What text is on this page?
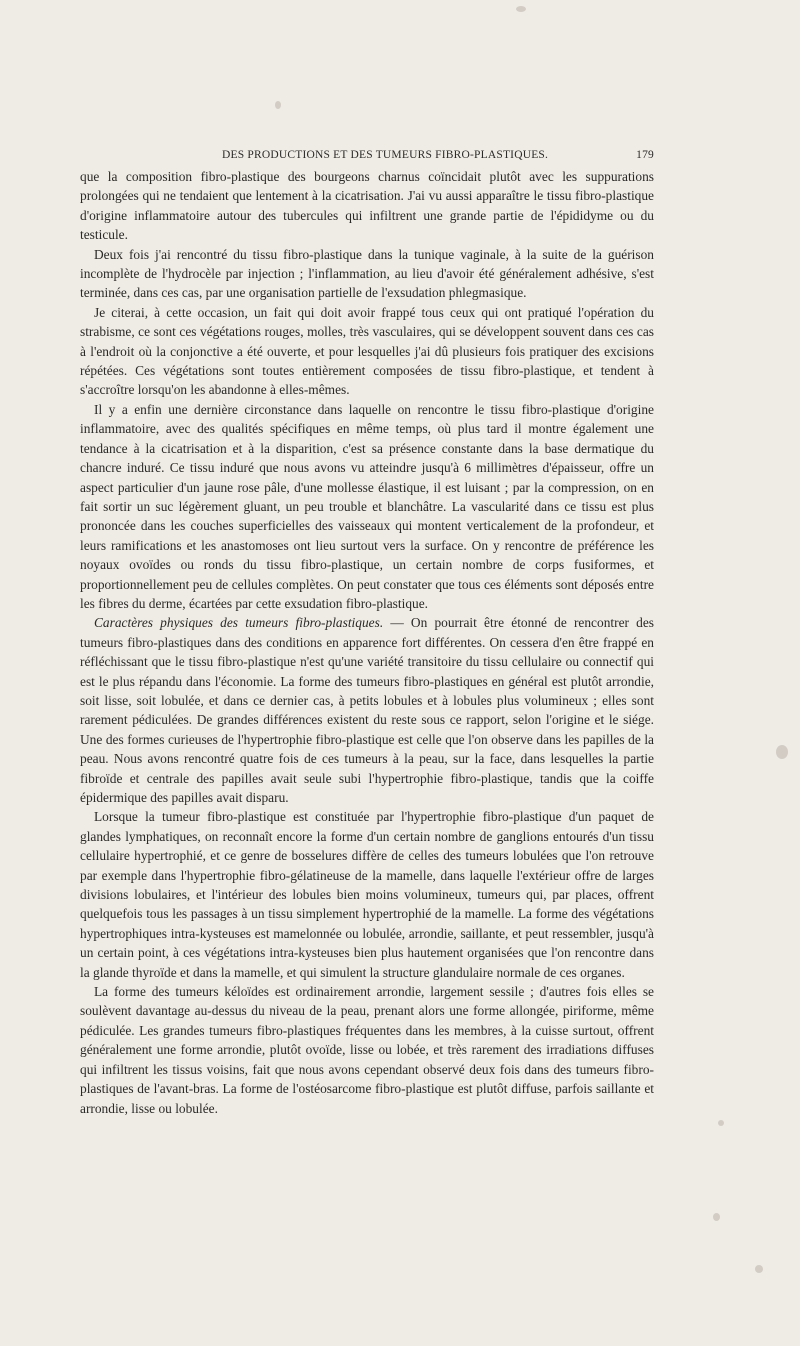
DES PRODUCTIONS ET DES TUMEURS FIBRO-PLASTIQUES.	179

que la composition fibro-plastique des bourgeons charnus coïncidait plutôt avec les suppurations prolongées qui ne tendaient que lentement à la cicatrisation. J'ai vu aussi apparaître le tissu fibro-plastique d'origine inflammatoire autour des tubercules qui infiltrent une grande partie de l'épididyme ou du testicule.

Deux fois j'ai rencontré du tissu fibro-plastique dans la tunique vaginale, à la suite de la guérison incomplète de l'hydrocèle par injection ; l'inflammation, au lieu d'avoir été généralement adhésive, s'est terminée, dans ces cas, par une organisation partielle de l'exsudation phlegmasique.

Je citerai, à cette occasion, un fait qui doit avoir frappé tous ceux qui ont pratiqué l'opération du strabisme, ce sont ces végétations rouges, molles, très vasculaires, qui se développent souvent dans ces cas à l'endroit où la conjonctive a été ouverte, et pour lesquelles j'ai dû plusieurs fois pratiquer des excisions répétées. Ces végétations sont toutes entièrement composées de tissu fibro-plastique, et tendent à s'accroître lorsqu'on les abandonne à elles-mêmes.

Il y a enfin une dernière circonstance dans laquelle on rencontre le tissu fibro-plastique d'origine inflammatoire, avec des qualités spécifiques en même temps, où plus tard il montre également une tendance à la cicatrisation et à la disparition, c'est sa présence constante dans la base dermatique du chancre induré. Ce tissu induré que nous avons vu atteindre jusqu'à 6 millimètres d'épaisseur, offre un aspect particulier d'un jaune rose pâle, d'une mollesse élastique, il est luisant ; par la compression, on en fait sortir un suc légèrement gluant, un peu trouble et blanchâtre. La vascularité dans ce tissu est plus prononcée dans les couches superficielles des vaisseaux qui montent verticalement de la profondeur, et leurs ramifications et les anastomoses ont lieu surtout vers la surface. On y rencontre de préférence les noyaux ovoïdes ou ronds du tissu fibro-plastique, un certain nombre de corps fusiformes, et proportionnellement peu de cellules complètes. On peut constater que tous ces éléments sont déposés entre les fibres du derme, écartées par cette exsudation fibro-plastique.

Caractères physiques des tumeurs fibro-plastiques. — On pourrait être étonné de rencontrer des tumeurs fibro-plastiques dans des conditions en apparence fort différentes. On cessera d'en être frappé en réfléchissant que le tissu fibro-plastique n'est qu'une variété transitoire du tissu cellulaire ou connectif qui est le plus répandu dans l'économie. La forme des tumeurs fibro-plastiques en général est plutôt arrondie, soit lisse, soit lobulée, et dans ce dernier cas, à petits lobules et à lobules plus volumineux ; elles sont rarement pédiculées. De grandes différences existent du reste sous ce rapport, selon l'origine et le siége. Une des formes curieuses de l'hypertrophie fibro-plastique est celle que l'on observe dans les papilles de la peau. Nous avons rencontré quatre fois de ces tumeurs à la peau, sur la face, dans lesquelles la partie fibroïde et centrale des papilles avait seule subi l'hypertrophie fibro-plastique, tandis que la coiffe épidermique des papilles avait disparu.

Lorsque la tumeur fibro-plastique est constituée par l'hypertrophie fibro-plastique d'un paquet de glandes lymphatiques, on reconnaît encore la forme d'un certain nombre de ganglions entourés d'un tissu cellulaire hypertrophié, et ce genre de bosselures diffère de celles des tumeurs lobulées que l'on retrouve par exemple dans l'hypertrophie fibro-gélatineuse de la mamelle, dans laquelle l'extérieur offre de larges divisions lobulaires, et l'intérieur des lobules bien moins volumineux, tumeurs qui, par places, offrent quelquefois tous les passages à un tissu simplement hypertrophié de la mamelle. La forme des végétations hypertrophiques intra-kysteuses est mamelonnée ou lobulée, arrondie, saillante, et peut ressembler, jusqu'à un certain point, à ces végétations intra-kysteuses bien plus hautement organisées que l'on rencontre dans la glande thyroïde et dans la mamelle, et qui simulent la structure glandulaire normale de ces organes.

La forme des tumeurs kéloïdes est ordinairement arrondie, largement sessile ; d'autres fois elles se soulèvent davantage au-dessus du niveau de la peau, prenant alors une forme allongée, piriforme, même pédiculée. Les grandes tumeurs fibro-plastiques fréquentes dans les membres, à la cuisse surtout, offrent généralement une forme arrondie, plutôt ovoïde, lisse ou lobée, et très rarement des irradiations diffuses qui infiltrent les tissus voisins, fait que nous avons cependant observé deux fois dans des tumeurs fibro-plastiques de l'avant-bras. La forme de l'ostéosarcome fibro-plastique est plutôt diffuse, parfois saillante et arrondie, lisse ou lobulée.
